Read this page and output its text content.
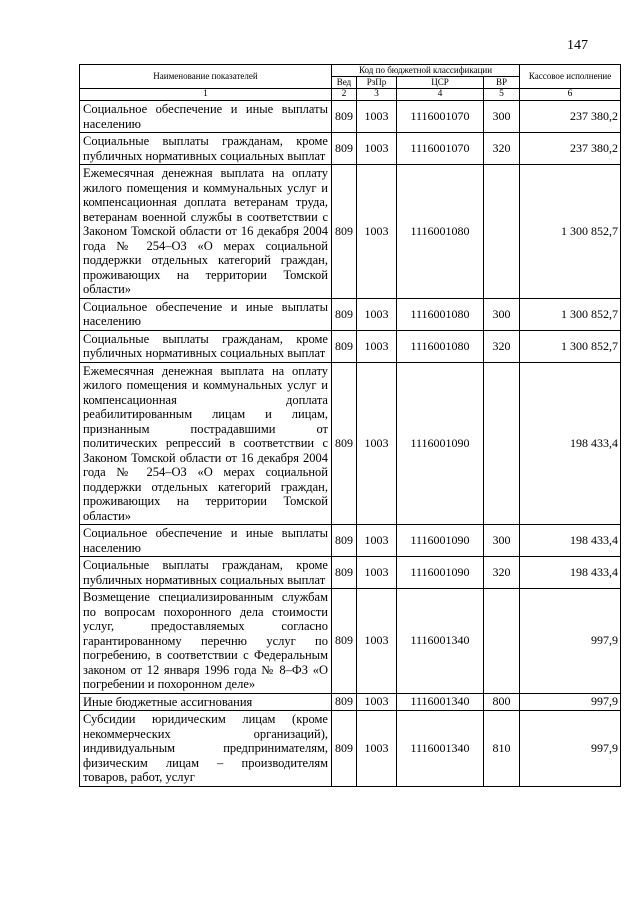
147
Наименование показателей	Код по бюджетной классификации				Кассовое исполнение
	Вед	РзПр	ЦСР	ВР	
1	2	3	4	5	6
Социальное обеспечение и иные выплаты населению	809	1003	1116001070	300	237 380,2
Социальные выплаты гражданам, кроме публичных нормативных социальных выплат	809	1003	1116001070	320	237 380,2
Ежемесячная денежная выплата на оплату жилого помещения и коммунальных услуг и компенсационная доплата ветеранам труда, ветеранам военной службы в соответствии с Законом Томской области от 16 декабря 2004 года № 254–ОЗ «О мерах социальной поддержки отдельных категорий граждан, проживающих на территории Томской области»	809	1003	1116001080		1 300 852,7
Социальное обеспечение и иные выплаты населению	809	1003	1116001080	300	1 300 852,7
Социальные выплаты гражданам, кроме публичных нормативных социальных выплат	809	1003	1116001080	320	1 300 852,7
Ежемесячная денежная выплата на оплату жилого помещения и коммунальных услуг и компенсационная доплата реабилитированным лицам и лицам, признанным пострадавшими от политических репрессий в соответствии с Законом Томской области от 16 декабря 2004 года № 254–ОЗ «О мерах социальной поддержки отдельных категорий граждан, проживающих на территории Томской области»	809	1003	1116001090		198 433,4
Социальное обеспечение и иные выплаты населению	809	1003	1116001090	300	198 433,4
Социальные выплаты гражданам, кроме публичных нормативных социальных выплат	809	1003	1116001090	320	198 433,4
Возмещение специализированным службам по вопросам похоронного дела стоимости услуг, предоставляемых согласно гарантированному перечню услуг по погребению, в соответствии с Федеральным законом от 12 января 1996 года № 8–ФЗ «О погребении и похоронном деле»	809	1003	1116001340		997,9
Иные бюджетные ассигнования	809	1003	1116001340	800	997,9
Субсидии юридическим лицам (кроме некоммерческих организаций), индивидуальным предпринимателям, физическим лицам – производителям товаров, работ, услуг	809	1003	1116001340	810	997,9
